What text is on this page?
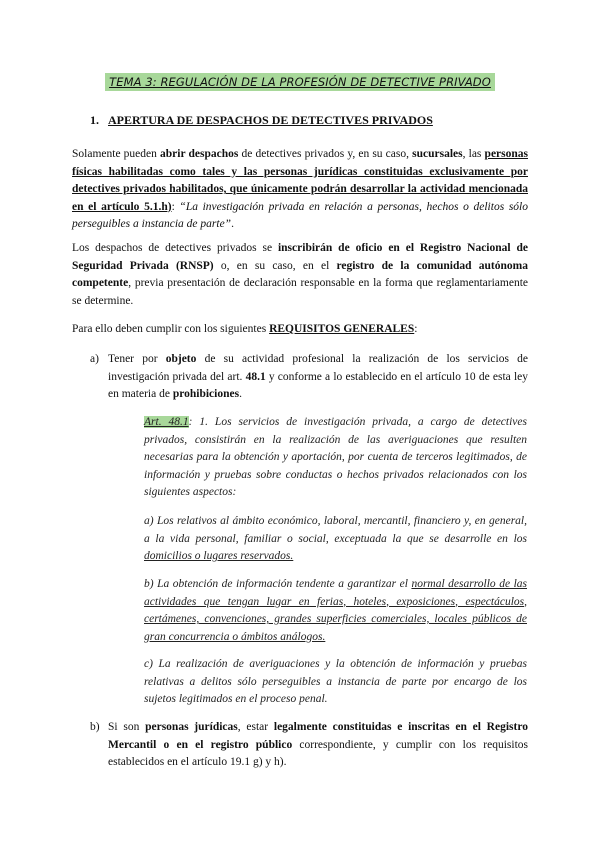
TEMA 3: REGULACIÓN DE LA PROFESIÓN DE DETECTIVE PRIVADO
1. APERTURA DE DESPACHOS DE DETECTIVES PRIVADOS
Solamente pueden abrir despachos de detectives privados y, en su caso, sucursales, las personas físicas habilitadas como tales y las personas jurídicas constituidas exclusivamente por detectives privados habilitados, que únicamente podrán desarrollar la actividad mencionada en el artículo 5.1.h): “La investigación privada en relación a personas, hechos o delitos sólo perseguibles a instancia de parte”.
Los despachos de detectives privados se inscribirán de oficio en el Registro Nacional de Seguridad Privada (RNSP) o, en su caso, en el registro de la comunidad autónoma competente, previa presentación de declaración responsable en la forma que reglamentariamente se determine.
Para ello deben cumplir con los siguientes REQUISITOS GENERALES:
a) Tener por objeto de su actividad profesional la realización de los servicios de investigación privada del art. 48.1 y conforme a lo establecido en el artículo 10 de esta ley en materia de prohibiciones.
Art. 48.1: 1. Los servicios de investigación privada, a cargo de detectives privados, consistirán en la realización de las averiguaciones que resulten necesarias para la obtención y aportación, por cuenta de terceros legitimados, de información y pruebas sobre conductas o hechos privados relacionados con los siguientes aspectos:
a) Los relativos al ámbito económico, laboral, mercantil, financiero y, en general, a la vida personal, familiar o social, exceptuada la que se desarrolle en los domicilios o lugares reservados.
b) La obtención de información tendente a garantizar el normal desarrollo de las actividades que tengan lugar en ferias, hoteles, exposiciones, espectáculos, certámenes, convenciones, grandes superficies comerciales, locales públicos de gran concurrencia o ámbitos análogos.
c) La realización de averiguaciones y la obtención de información y pruebas relativas a delitos sólo perseguibles a instancia de parte por encargo de los sujetos legitimados en el proceso penal.
b) Si son personas jurídicas, estar legalmente constituidas e inscritas en el Registro Mercantil o en el registro público correspondiente, y cumplir con los requisitos establecidos en el artículo 19.1 g) y h).
